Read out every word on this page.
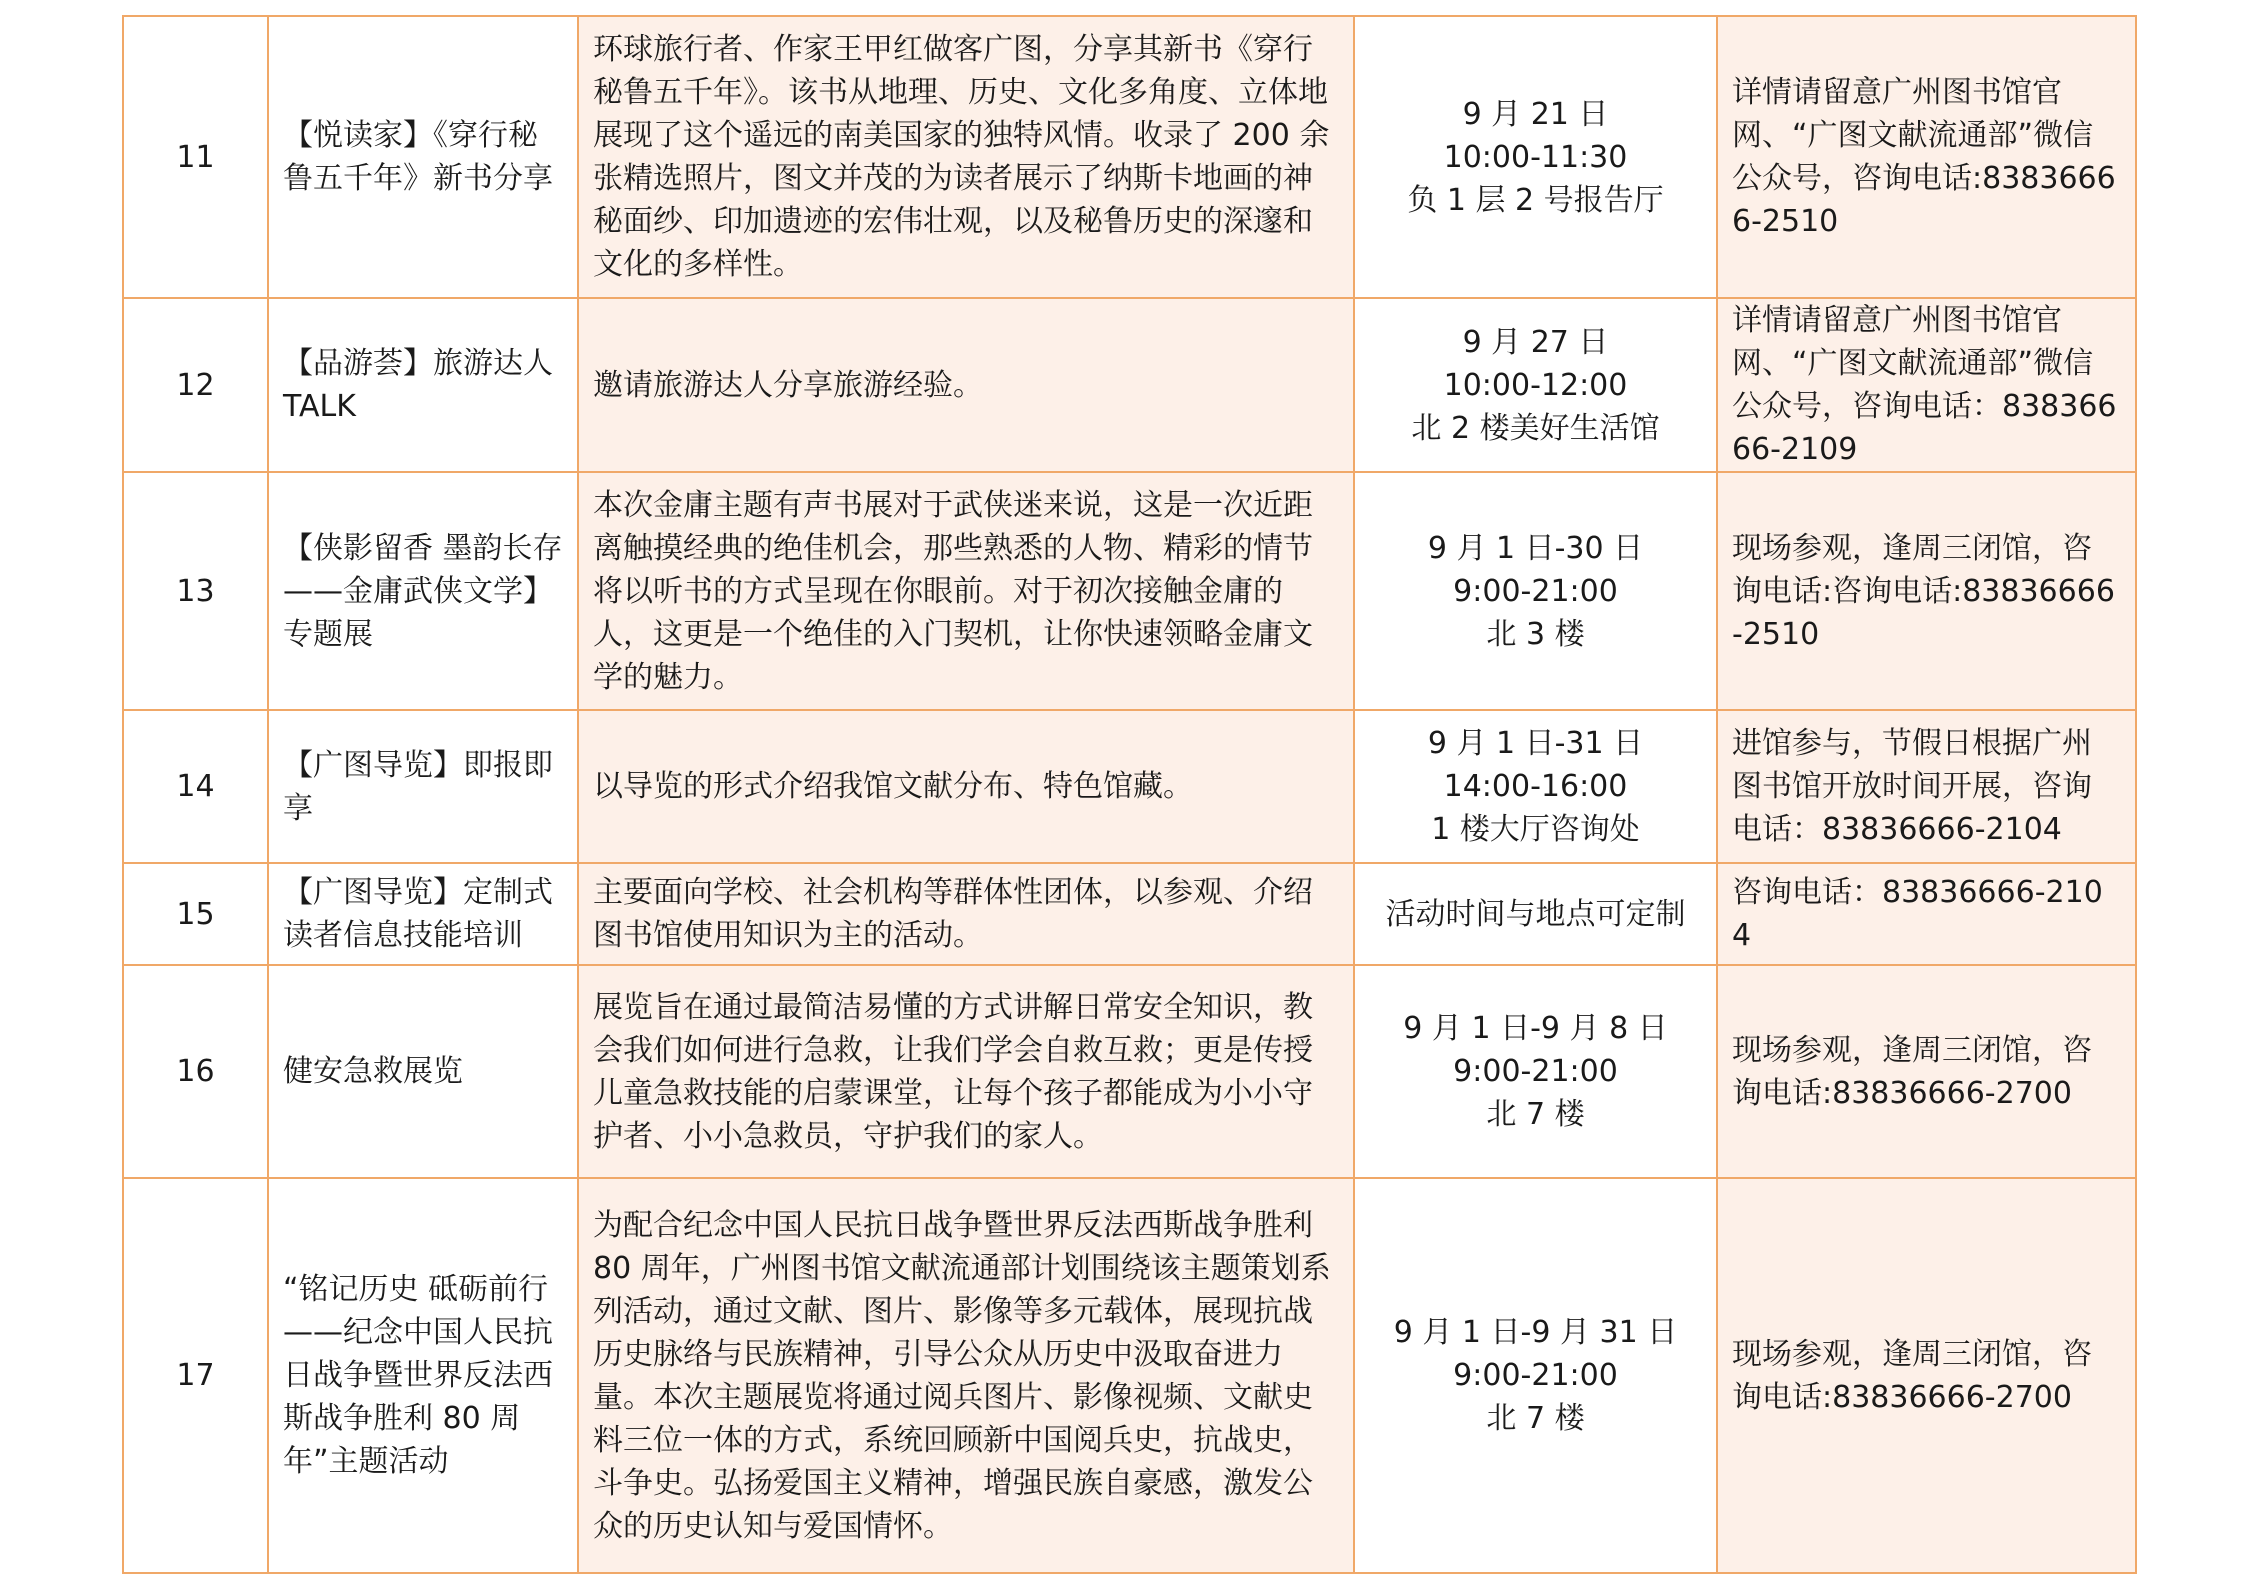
11	【悦读家】《穿行秘鲁五千年》新书分享	环球旅行者、作家王甲红做客广图，分享其新书《穿行秘鲁五千年》。该书从地理、历史、文化多角度、立体地展现了这个遥远的南美国家的独特风情。收录了 200 余张精选照片，图文并茂的为读者展示了纳斯卡地画的神秘面纱、印加遗迹的宏伟壮观，以及秘鲁历史的深邃和文化的多样性。	9 月 21 日
10:00-11:30
负 1 层 2 号报告厅	详情请留意广州图书馆官网、“广图文献流通部”微信公众号，咨询电话:83836666-2510
12	【品游荟】旅游达人 TALK	邀请旅游达人分享旅游经验。	9 月 27 日
10:00-12:00
北 2 楼美好生活馆	详情请留意广州图书馆官网、“广图文献流通部”微信公众号，咨询电话：83836666-2109
13	【侠影留香 墨韵长存——金庸武侠文学】专题展	本次金庸主题有声书展对于武侠迷来说，这是一次近距离触摸经典的绝佳机会，那些熟悉的人物、精彩的情节将以听书的方式呈现在你眼前。对于初次接触金庸的人，这更是一个绝佳的入门契机，让你快速领略金庸文学的魅力。	9 月 1 日-30 日
9:00-21:00
北 3 楼	现场参观，逢周三闭馆，咨询电话:咨询电话:83836666-2510
14	【广图导览】即报即享	以导览的形式介绍我馆文献分布、特色馆藏。	9 月 1 日-31 日
14:00-16:00
1 楼大厅咨询处	进馆参与，节假日根据广州图书馆开放时间开展，咨询电话：83836666-2104
15	【广图导览】定制式读者信息技能培训	主要面向学校、社会机构等群体性团体，以参观、介绍图书馆使用知识为主的活动。	活动时间与地点可定制	咨询电话：83836666-2104
16	健安急救展览	展览旨在通过最简洁易懂的方式讲解日常安全知识，教会我们如何进行急救，让我们学会自救互救；更是传授儿童急救技能的启蒙课堂，让每个孩子都能成为小小守护者、小小急救员，守护我们的家人。	9 月 1 日-9 月 8 日
9:00-21:00
北 7 楼	现场参观，逢周三闭馆，咨询电话:83836666-2700
17	“铭记历史 砥砺前行——纪念中国人民抗日战争暨世界反法西斯战争胜利 80 周年”主题活动	为配合纪念中国人民抗日战争暨世界反法西斯战争胜利 80 周年，广州图书馆文献流通部计划围绕该主题策划系列活动，通过文献、图片、影像等多元载体，展现抗战历史脉络与民族精神，引导公众从历史中汲取奋进力量。本次主题展览将通过阅兵图片、影像视频、文献史料三位一体的方式，系统回顾新中国阅兵史，抗战史，斗争史。弘扬爱国主义精神，增强民族自豪感，激发公众的历史认知与爱国情怀。	9 月 1 日-9 月 31 日
9:00-21:00
北 7 楼	现场参观，逢周三闭馆，咨询电话:83836666-2700
